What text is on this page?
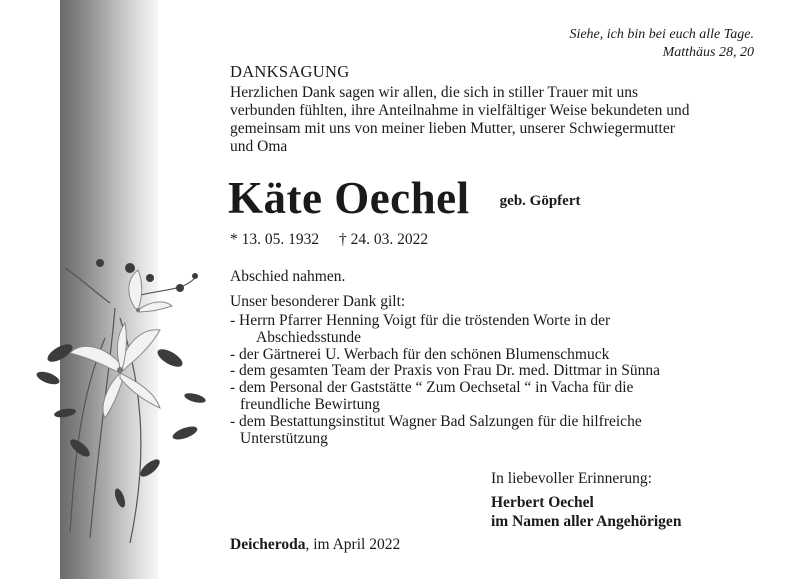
Siehe, ich bin bei euch alle Tage.
Matthäus 28, 20
DANKSAGUNG
Herzlichen Dank sagen wir allen, die sich in stiller Trauer mit uns
verbunden fühlten, ihre Anteilnahme in vielfältiger Weise bekundeten und
gemeinsam mit uns von meiner lieben Mutter, unserer Schwiegermutter
und Oma
Käte Oechel geb. Göpfert
* 13. 05. 1932 † 24. 03. 2022
Abschied nahmen.
Unser besonderer Dank gilt:
- Herrn Pfarrer Henning Voigt für die tröstenden Worte in der
Abschiedsstunde
- der Gärtnerei U. Werbach für den schönen Blumenschmuck
- dem gesamten Team der Praxis von Frau Dr. med. Dittmar in Sünna
- dem Personal der Gaststätte “ Zum Oechsetal “ in Vacha für die
freundliche Bewirtung
- dem Bestattungsinstitut Wagner Bad Salzungen für die hilfreiche
Unterstützung
In liebevoller Erinnerung:
Herbert Oechel
im Namen aller Angehörigen
Deicheroda, im April 2022
